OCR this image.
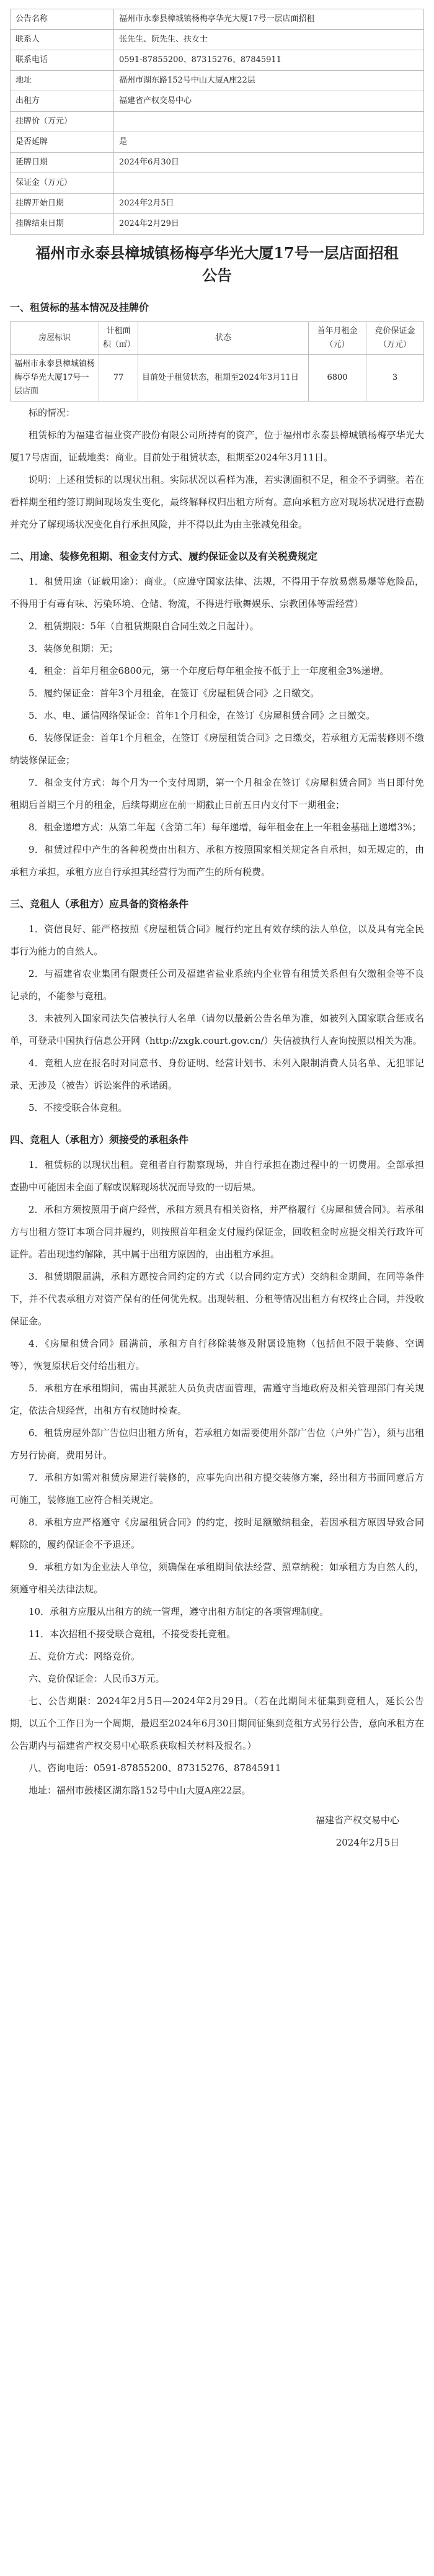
公告名称	福州市永泰县樟城镇杨梅亭华光大厦17号一层店面招租
联系人	张先生、阮先生、扶女士
联系电话	0591-87855200、87315276、87845911
地址	福州市湖东路152号中山大厦A座22层
出租方	福建省产权交易中心
挂牌价（万元）	
是否延牌	是
延牌日期	2024年6月30日
保证金（万元）	
挂牌开始日期	2024年2月5日
挂牌结束日期	2024年2月29日
福州市永泰县樟城镇杨梅亭华光大厦17号一层店面招租公告
一、租赁标的基本情况及挂牌价
房屋标识	计租面积（㎡）	状态	首年月租金（元）	竞价保证金（万元）
福州市永泰县樟城镇杨梅亭华光大厦17号一层店面	77	目前处于租赁状态，租期至2024年3月11日	6800	3

标的情况：

租赁标的为福建省福业资产股份有限公司所持有的资产，位于福州市永泰县樟城镇杨梅亭华光大厦17号店面，证载地类：商业。目前处于租赁状态，租期至2024年3月11日。

说明：上述租赁标的以现状出租。实际状况以看样为准，若实测面积不足，租金不予调整。若在看样期至租约签订期间现场发生变化，最终解释权归出租方所有。意向承租方应对现场状况进行查勘并充分了解现场状况变化自行承担风险，并不得以此为由主张减免租金。

二、用途、装修免租期、租金支付方式、履约保证金以及有关税费规定

1．租赁用途（证载用途）：商业。（应遵守国家法律、法规，不得用于存放易燃易爆等危险品，不得用于有毒有味、污染环境、仓储、物流，不得进行歌舞娱乐、宗教团体等需经营）

2．租赁期限：5年（自租赁期限自合同生效之日起计）。

3．装修免租期：无；

4．租金：首年月租金6800元，第一个年度后每年租金按不低于上一年度租金3%递增。

5．履约保证金：首年3个月租金，在签订《房屋租赁合同》之日缴交。

5．水、电、通信网络保证金：首年1个月租金，在签订《房屋租赁合同》之日缴交。

6．装修保证金：首年1个月租金，在签订《房屋租赁合同》之日缴交，若承租方无需装修则不缴纳装修保证金；

7．租金支付方式：每个月为一个支付周期，第一个月租金在签订《房屋租赁合同》当日即付免租期后首期三个月的租金，后续每期应在前一期截止日前五日内支付下一期租金；

8．租金递增方式：从第二年起（含第二年）每年递增，每年租金在上一年租金基础上递增3%；

9．租赁过程中产生的各种税费由出租方、承租方按照国家相关规定各自承担，如无规定的，由承租方承担，承租方应自行承担其经营行为而产生的所有税费。

三、竞租人（承租方）应具备的资格条件

1．资信良好、能严格按照《房屋租赁合同》履行约定且有效存续的法人单位，以及具有完全民事行为能力的自然人。

2．与福建省农业集团有限责任公司及福建省盐业系统内企业曾有租赁关系但有欠缴租金等不良记录的，不能参与竞租。

3．未被列入国家司法失信被执行人名单（请勿以最新公告名单为准，如被列入国家联合惩戒名单，可登录中国执行信息公开网（http://zxgk.court.gov.cn/）失信被执行人查询按照以相关为准。

4．竞租人应在报名时对同意书、身份证明、经营计划书、未列入限制消费人员名单、无犯罪记录、无涉及（被告）诉讼案件的承诺函。

5．不接受联合体竞租。

四、竞租人（承租方）须接受的承租条件

1．租赁标的以现状出租。竞租者自行勘察现场，并自行承担在勘过程中的一切费用。全部承担查勘中可能因未全面了解或误解现场状况而导致的一切后果。

2．承租方须按照用于商户经营，承租方须具有相关资格，并严格履行《房屋租赁合同》。若承租方与出租方签订本项合同并履约，则按照首年租金支付履约保证金，回收租金时应提交相关行政许可证件。若出现违约解除，其中属于出租方原因的，由出租方承担。

3．租赁期限届满，承租方愿按合同约定的方式（以合同约定方式）交纳租金期间，在同等条件下，并不代表承租方对资产保有的任何优先权。出现转租、分租等情况出租方有权终止合同，并没收保证金。

4．《房屋租赁合同》届满前，承租方自行移除装修及附属设施物（包括但不限于装修、空调等），恢复原状后交付给出租方。

5．承租方在承租期间，需由其派驻人员负责店面管理，需遵守当地政府及相关管理部门有关规定，依法合规经营，出租方有权随时检查。

6．租赁房屋外部广告位归出租方所有，若承租方如需要使用外部广告位（户外广告），须与出租方另行协商，费用另计。

7．承租方如需对租赁房屋进行装修的，应事先向出租方提交装修方案，经出租方书面同意后方可施工，装修施工应符合相关规定。

8．承租方应严格遵守《房屋租赁合同》的约定，按时足额缴纳租金，若因承租方原因导致合同解除的，履约保证金不予退还。

9．承租方如为企业法人单位，须确保在承租期间依法经营、照章纳税；如承租方为自然人的，须遵守相关法律法规。

10．承租方应服从出租方的统一管理，遵守出租方制定的各项管理制度。

11．本次招租不接受联合竞租，不接受委托竞租。

五、竞价方式：网络竞价。

六、竞价保证金：人民币3万元。

七、公告期限：2024年2月5日—2024年2月29日。（若在此期间未征集到竞租人，延长公告期，以五个工作日为一个周期，最迟至2024年6月30日期间征集到竞租方式另行公告，意向承租方在公告期内与福建省产权交易中心联系获取相关材料及报名。）

八、咨询电话：0591-87855200、87315276、87845911

地址：福州市鼓楼区湖东路152号中山大厦A座22层。

福建省产权交易中心

2024年2月5日
